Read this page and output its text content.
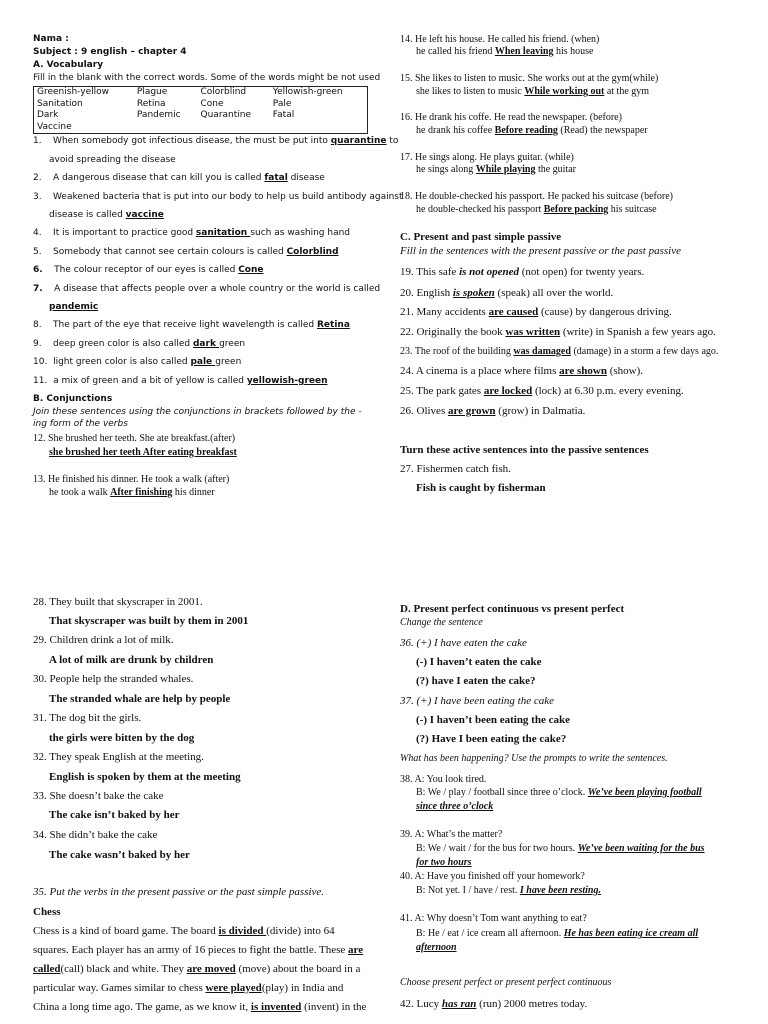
Nama :
Subject : 9 english – chapter 4
A. Vocabulary
Fill in the blank with the correct words. Some of the words might be not used
Greenish-yellow	Plague	Colorblind	Yellowish-green
Sanitation	Retina	Cone	Pale
Dark	Pandemic	Quarantine	Fatal
Vaccine			
1. When somebody got infectious disease, the must be put into quarantine to
avoid spreading the disease
2. A dangerous disease that can kill you is called fatal disease
3. Weakened bacteria that is put into our body to help us build antibody against
disease is called vaccine
4. It is important to practice good sanitation such as washing hand
5. Somebody that cannot see certain colours is called Colorblind
6. The colour receptor of our eyes is called Cone
7. A disease that affects people over a whole country or the world is called
pandemic
8. The part of the eye that receive light wavelength is called Retina
9. deep green color is also called dark green
10. light green color is also called pale green
11. a mix of green and a bit of yellow is called yellowish-green
B. Conjunctions
Join these sentences using the conjunctions in brackets followed by the -ing form of the verbs
12. She brushed her teeth. She ate breakfast.(after)
she brushed her teeth After eating breakfast
13. He finished his dinner. He took a walk (after)
he took a walk After finishing his dinner
14. He left his house. He called his friend. (when)
he called his friend When leaving his house
15. She likes to listen to music. She works out at the gym(while)
she likes to listen to music While working out at the gym
16. He drank his coffe. He read the newspaper. (before)
he drank his coffee Before reading (Read) the newspaper
17. He sings along. He plays guitar. (while)
he sings along While playing the guitar
18. He double-checked his passport. He packed his suitcase (before)
he double-checked his passport Before packing his suitcase
C. Present and past simple passive
Fill in the sentences with the present passive or the past passive
19. This safe is not opened (not open) for twenty years.
20. English is spoken (speak) all over the world.
21. Many accidents are caused (cause) by dangerous driving.
22. Originally the book was written (write) in Spanish a few years ago.
23. The roof of the building was damaged (damage) in a storm a few days ago.
24. A cinema is a place where films are shown (show).
25. The park gates are locked (lock) at 6.30 p.m. every evening.
26. Olives are grown (grow) in Dalmatia.
Turn these active sentences into the passive sentences
27. Fishermen catch fish.
Fish is caught by fisherman
28. They built that skyscraper in 2001.
That skyscraper was built by them in 2001
29. Children drink a lot of milk.
A lot of milk are drunk by children
30. People help the stranded whales.
The stranded whale are help by people
31. The dog bit the girls.
the girls were bitten by the dog
32. They speak English at the meeting.
English is spoken by them at the meeting
33. She doesn’t bake the cake
The cake isn’t baked by her
34. She didn’t bake the cake
The cake wasn’t baked by her
35. Put the verbs in the present passive or the past simple passive.
Chess
Chess is a kind of board game. The board is divided (divide) into 64
squares. Each player has an army of 16 pieces to fight the battle. These are
called(call) black and white. They are moved (move) about the board in a
particular way. Games similar to chess were played(play) in India and
China a long time ago. The game, as we know it, is invented (invent) in the
D. Present perfect continuous vs present perfect
Change the sentence
36. (+) I have eaten the cake
(-) I haven’t eaten the cake
(?) have I eaten the cake?
37. (+) I have been eating the cake
(-) I haven’t been eating the cake
(?) Have I been eating the cake?
What has been happening? Use the prompts to write the sentences.
38. A: You look tired.
B: We / play / football since three o’clock. We’ve been playing football
since three o’clock
39. A: What’s the matter?
B: We / wait / for the bus for two hours. We’ve been waiting for the bus
for two hours
40. A: Have you finished off your homework?
B: Not yet. I / have / rest. I have been resting.
41. A: Why doesn’t Tom want anything to eat?
B: He / eat / ice cream all afternoon. He has been eating ice cream all
afternoon
Choose present perfect or present perfect continuous
42. Lucy has ran (run) 2000 metres today.
